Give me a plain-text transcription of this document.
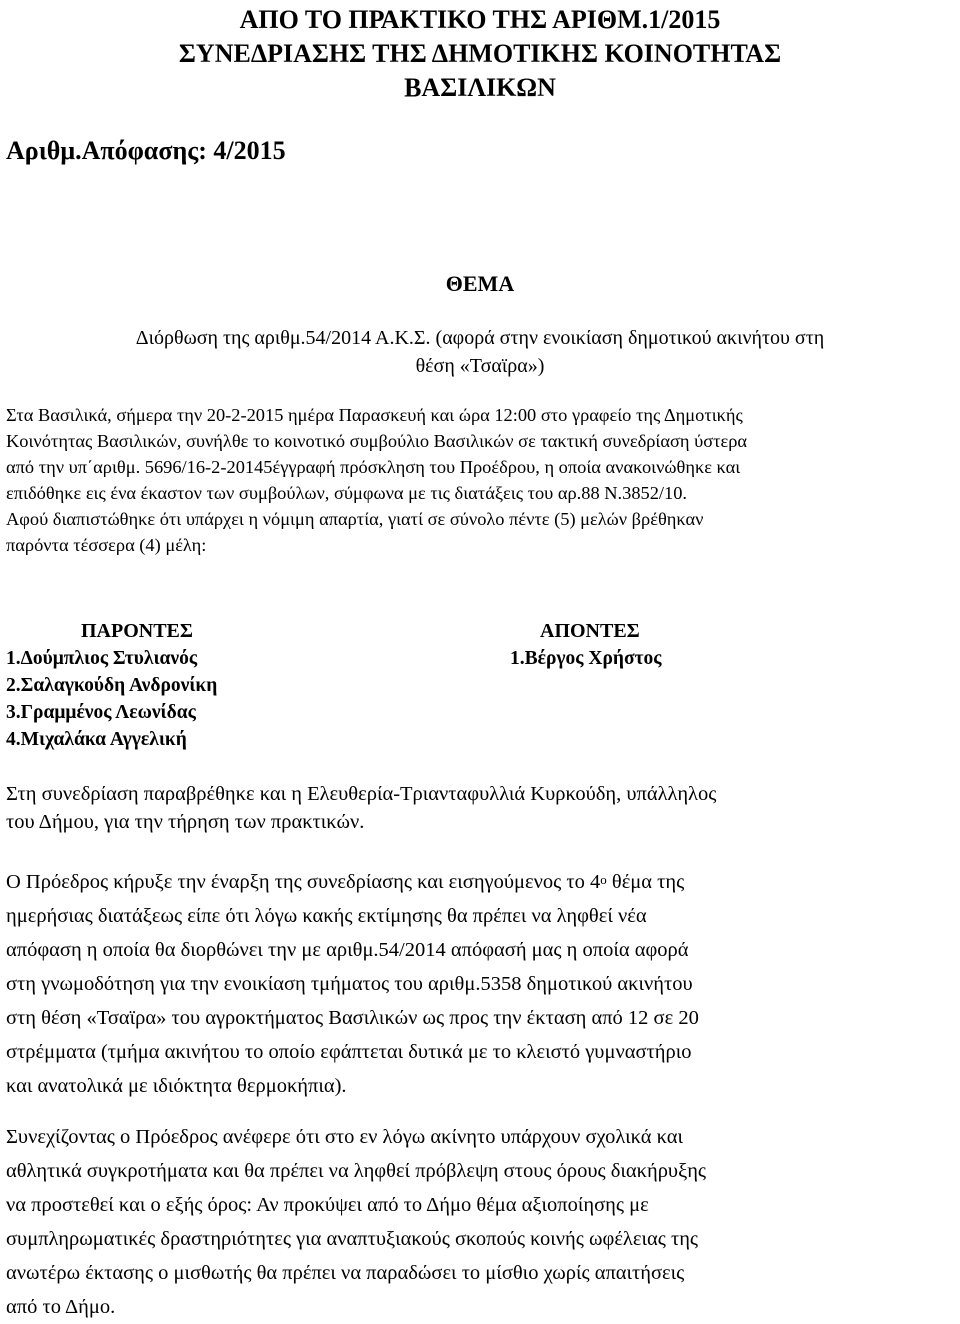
ΑΠΟ ΤΟ ΠΡΑΚΤΙΚΟ ΤΗΣ ΑΡΙΘΜ.1/2015
ΣΥΝΕΔΡΙΑΣΗΣ ΤΗΣ ΔΗΜΟΤΙΚΗΣ ΚΟΙΝΟΤΗΤΑΣ
ΒΑΣΙΛΙΚΩΝ

Αριθμ.Απόφασης: 4/2015

ΘΕΜΑ

Διόρθωση της αριθμ.54/2014 Α.Κ.Σ. (αφορά στην ενοικίαση δημοτικού ακινήτου στη
θέση «Τσαϊρα»)

Στα Βασιλικά, σήμερα την 20-2-2015 ημέρα Παρασκευή και ώρα 12:00 στο γραφείο της Δημοτικής
Κοινότητας Βασιλικών, συνήλθε το κοινοτικό συμβούλιο Βασιλικών σε τακτική συνεδρίαση ύστερα
από την υπ΄αριθμ. 5696/16-2-20145έγγραφή πρόσκληση του Προέδρου, η οποία ανακοινώθηκε και
επιδόθηκε εις ένα έκαστον των συμβούλων, σύμφωνα με τις διατάξεις του αρ.88 Ν.3852/10.
Αφού διαπιστώθηκε ότι υπάρχει η νόμιμη απαρτία, γιατί σε σύνολο πέντε (5) μελών βρέθηκαν
παρόντα τέσσερα (4) μέλη:

ΠΑΡΟΝΤΕΣ
1.Δούμπλιος Στυλιανός
2.Σαλαγκούδη Ανδρονίκη
3.Γραμμένος Λεωνίδας
4.Μιχαλάκα Αγγελική
ΑΠΟΝΤΕΣ
1.Βέργος Χρήστος

Στη συνεδρίαση παραβρέθηκε και η Ελευθερία-Τριανταφυλλιά Κυρκούδη, υπάλληλος
του Δήμου, για την τήρηση των πρακτικών.

Ο Πρόεδρος κήρυξε την έναρξη της συνεδρίασης και εισηγούμενος το $4^o$ θέμα της
ημερήσιας διατάξεως είπε ότι λόγω κακής εκτίμησης θα πρέπει να ληφθεί νέα
απόφαση η οποία θα διορθώνει την με αριθμ.54/2014 απόφασή μας η οποία αφορά
στη γνωμοδότηση για την ενοικίαση τμήματος του αριθμ.5358 δημοτικού ακινήτου
στη θέση «Τσαϊρα» του αγροκτήματος Βασιλικών ως προς την έκταση από 12 σε 20
στρέμματα (τμήμα ακινήτου το οποίο εφάπτεται δυτικά με το κλειστό γυμναστήριο
και ανατολικά με ιδιόκτητα θερμοκήπια).

Συνεχίζοντας ο Πρόεδρος ανέφερε ότι στο εν λόγω ακίνητο υπάρχουν σχολικά και
αθλητικά συγκροτήματα και θα πρέπει να ληφθεί πρόβλεψη στους όρους διακήρυξης
να προστεθεί και ο εξής όρος: Αν προκύψει από το Δήμο θέμα αξιοποίησης με
συμπληρωματικές δραστηριότητες για αναπτυξιακούς σκοπούς κοινής ωφέλειας της
ανωτέρω έκτασης ο μισθωτής θα πρέπει να παραδώσει το μίσθιο χωρίς απαιτήσεις
από το Δήμο.
